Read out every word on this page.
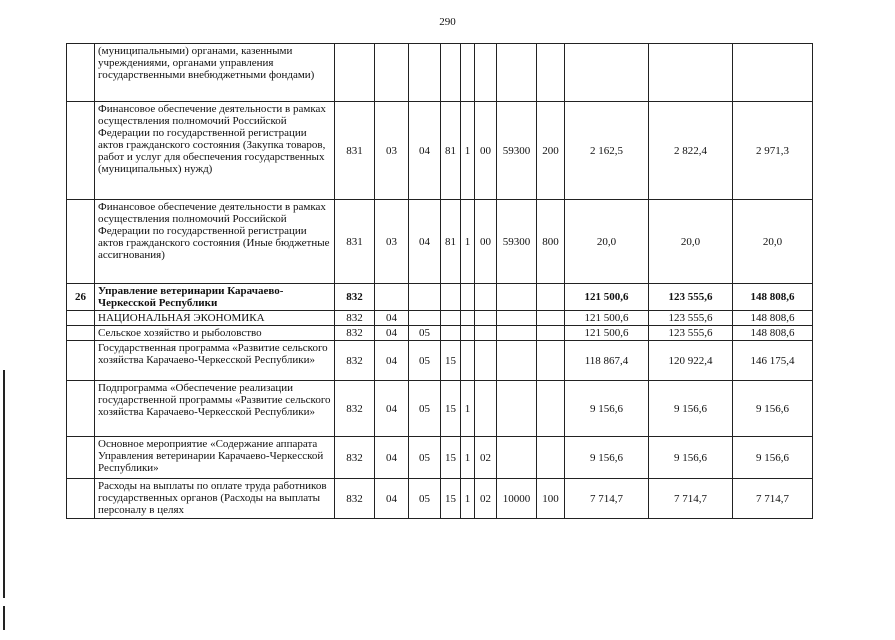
290
	(муниципальными) органами, казенными учреждениями, органами управления государственными внебюджетными фондами)											
	Финансовое обеспечение деятельности в рамках осуществления полномочий Российской Федерации по государственной регистрации актов гражданского состояния (Закупка товаров, работ и услуг для обеспечения государственных (муниципальных) нужд)	831	03	04	81	1	00	59300	200	2 162,5	2 822,4	2 971,3
	Финансовое обеспечение деятельности в рамках осуществления полномочий Российской Федерации по государственной регистрации актов гражданского состояния (Иные бюджетные ассигнования)	831	03	04	81	1	00	59300	800	20,0	20,0	20,0
26	Управление ветеринарии Карачаево-Черкесской Республики	832								121 500,6	123 555,6	148 808,6
	НАЦИОНАЛЬНАЯ ЭКОНОМИКА	832	04							121 500,6	123 555,6	148 808,6
	Сельское хозяйство и рыболовство	832	04	05						121 500,6	123 555,6	148 808,6
	Государственная программа «Развитие сельского хозяйства Карачаево-Черкесской Республики»	832	04	05	15					118 867,4	120 922,4	146 175,4
	Подпрограмма «Обеспечение реализации государственной программы «Развитие сельского хозяйства Карачаево-Черкесской Республики»	832	04	05	15	1				9 156,6	9 156,6	9 156,6
	Основное мероприятие «Содержание аппарата Управления ветеринарии Карачаево-Черкесской Республики»	832	04	05	15	1	02			9 156,6	9 156,6	9 156,6
	Расходы на выплаты по оплате труда работников государственных органов (Расходы на выплаты персоналу в целях	832	04	05	15	1	02	10000	100	7 714,7	7 714,7	7 714,7
